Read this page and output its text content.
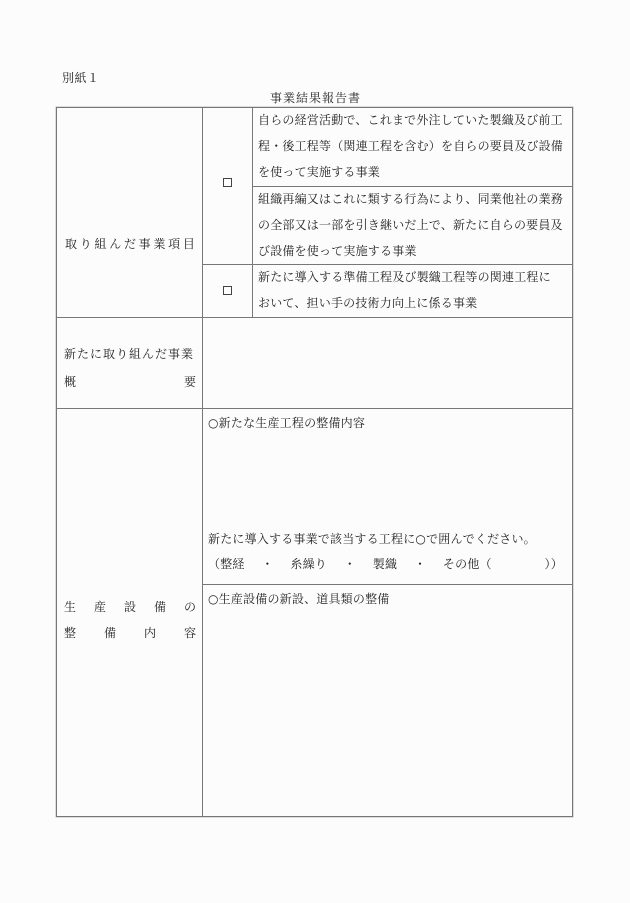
別紙１
事業結果報告書
取 り 組 ん だ 事 業 項 目
自らの経営活動で、これまで外注していた製織及び前工
程・後工程等（関連工程を含む）を自らの要員及び設備
を使って実施する事業
組織再編又はこれに類する行為により、同業他社の業務
の全部又は一部を引き継いだ上で、新たに自らの要員及
び設備を使って実施する事業
新たに導入する準備工程及び製織工程等の関連工程に
おいて、担い手の技術力向上に係る事業
新たに取り組んだ事業
概	要
生 産 設 備 の
整 備 内 容
○新たな生産工程の整備内容
新たに導入する事業で該当する工程に○で囲んでください。
（整経 ・ 糸繰り ・ 製織 ・ その他（	））
○生産設備の新設、道具類の整備
